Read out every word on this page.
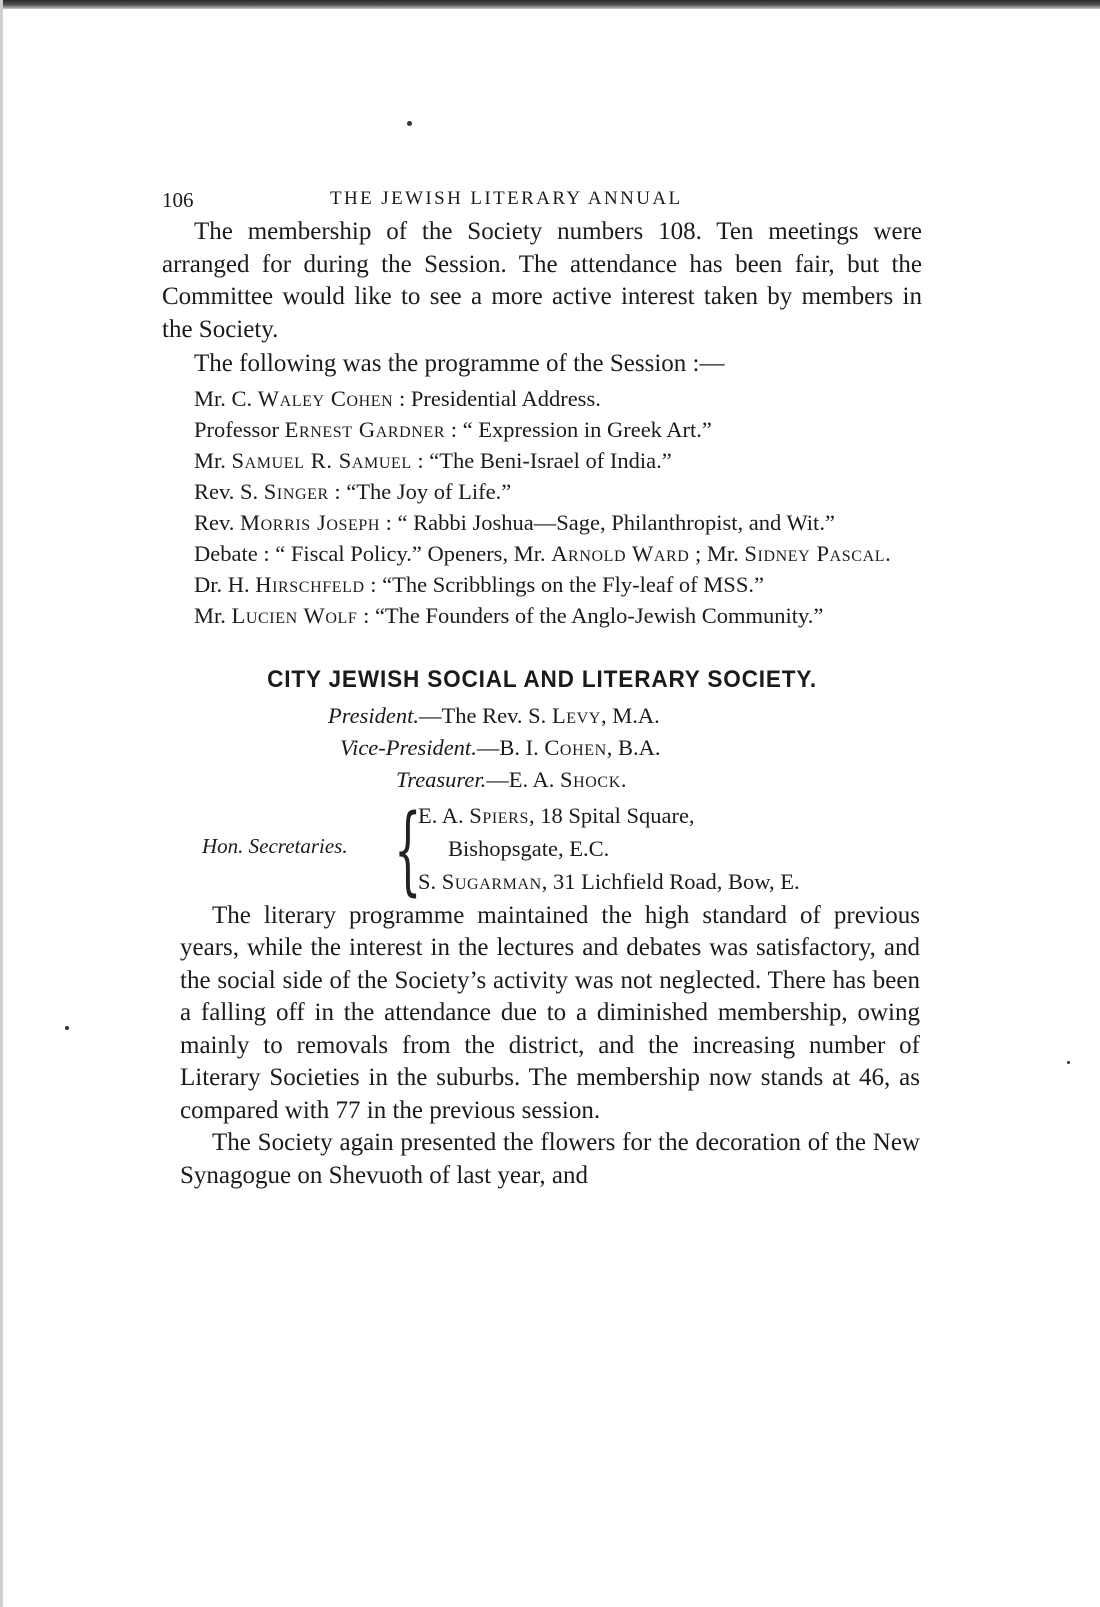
106	THE JEWISH LITERARY ANNUAL

The membership of the Society numbers 108. Ten meetings were arranged for during the Session. The attendance has been fair, but the Committee would like to see a more active interest taken by members in the Society.

The following was the programme of the Session :—

Mr. C. Waley Cohen : Presidential Address.
Professor Ernest Gardner : “ Expression in Greek Art.”
Mr. Samuel R. Samuel : “The Beni-Israel of India.”
Rev. S. Singer : “The Joy of Life.”
Rev. Morris Joseph : “ Rabbi Joshua—Sage, Philanthropist, and Wit.”
Debate : “ Fiscal Policy.” Openers, Mr. Arnold Ward ; Mr. Sidney Pascal.
Dr. H. Hirschfeld : “The Scribblings on the Fly-leaf of MSS.”
Mr. Lucien Wolf : “The Founders of the Anglo-Jewish Community.”
CITY JEWISH SOCIAL AND LITERARY SOCIETY.

President.—The Rev. S. Levy, M.A.

Vice-President.—B. I. Cohen, B.A.

Treasurer.—E. A. Shock.

Hon. Secretaries. {
E. A. Spiers, 18 Spital Square,
Bishopsgate, E.C.
S. Sugarman, 31 Lichfield Road, Bow, E.

The literary programme maintained the high standard of previous years, while the interest in the lectures and debates was satisfactory, and the social side of the Society’s activity was not neglected. There has been a falling off in the attendance due to a diminished membership, owing mainly to removals from the district, and the increasing number of Literary Societies in the suburbs. The membership now stands at 46, as compared with 77 in the previous session.

The Society again presented the flowers for the decoration of the New Synagogue on Shevuoth of last year, and
